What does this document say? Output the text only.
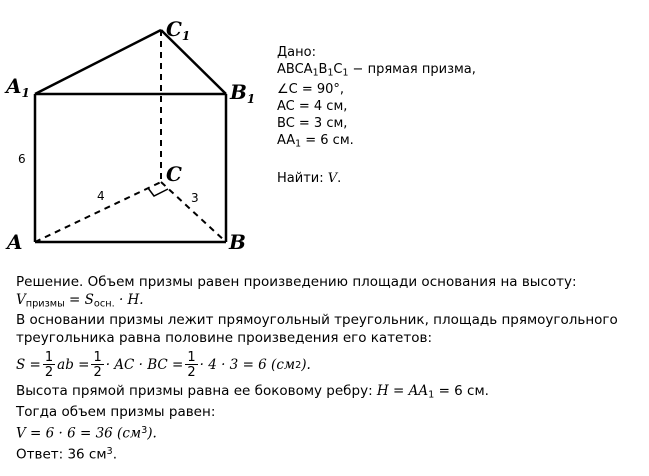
$A_1$	$B_1$
$C_1$
A	B
C
6
4	3
Дано:
$ABCA_1B_1C_1$ − прямая призма,
∠C = 90°,
AC = 4 см,
BC = 3 см,
$AA_1 = 6$ см.
Найти: V.
Решение. Объем призмы равен произведению площади основания на высоту:
$V_{призмы} = S_{осн.} \cdot H$.
В основании призмы лежит прямоугольный треугольник, площадь прямоугольного
треугольника равна половине произведения его катетов:
$S = \frac{1}{2}$ ab = $\frac{1}{2}$ · AC · BC = $\frac{1}{2} \cdot 4 \cdot 3 = 6$ (см 2 ).
Высота прямой призмы равна ее боковому ребру: $H = AA_1 = 6$ см.
Тогда объем призмы равен:
V = 6 · 6 = 36 $(см^3)$.
Ответ: 36 $см^3$.
